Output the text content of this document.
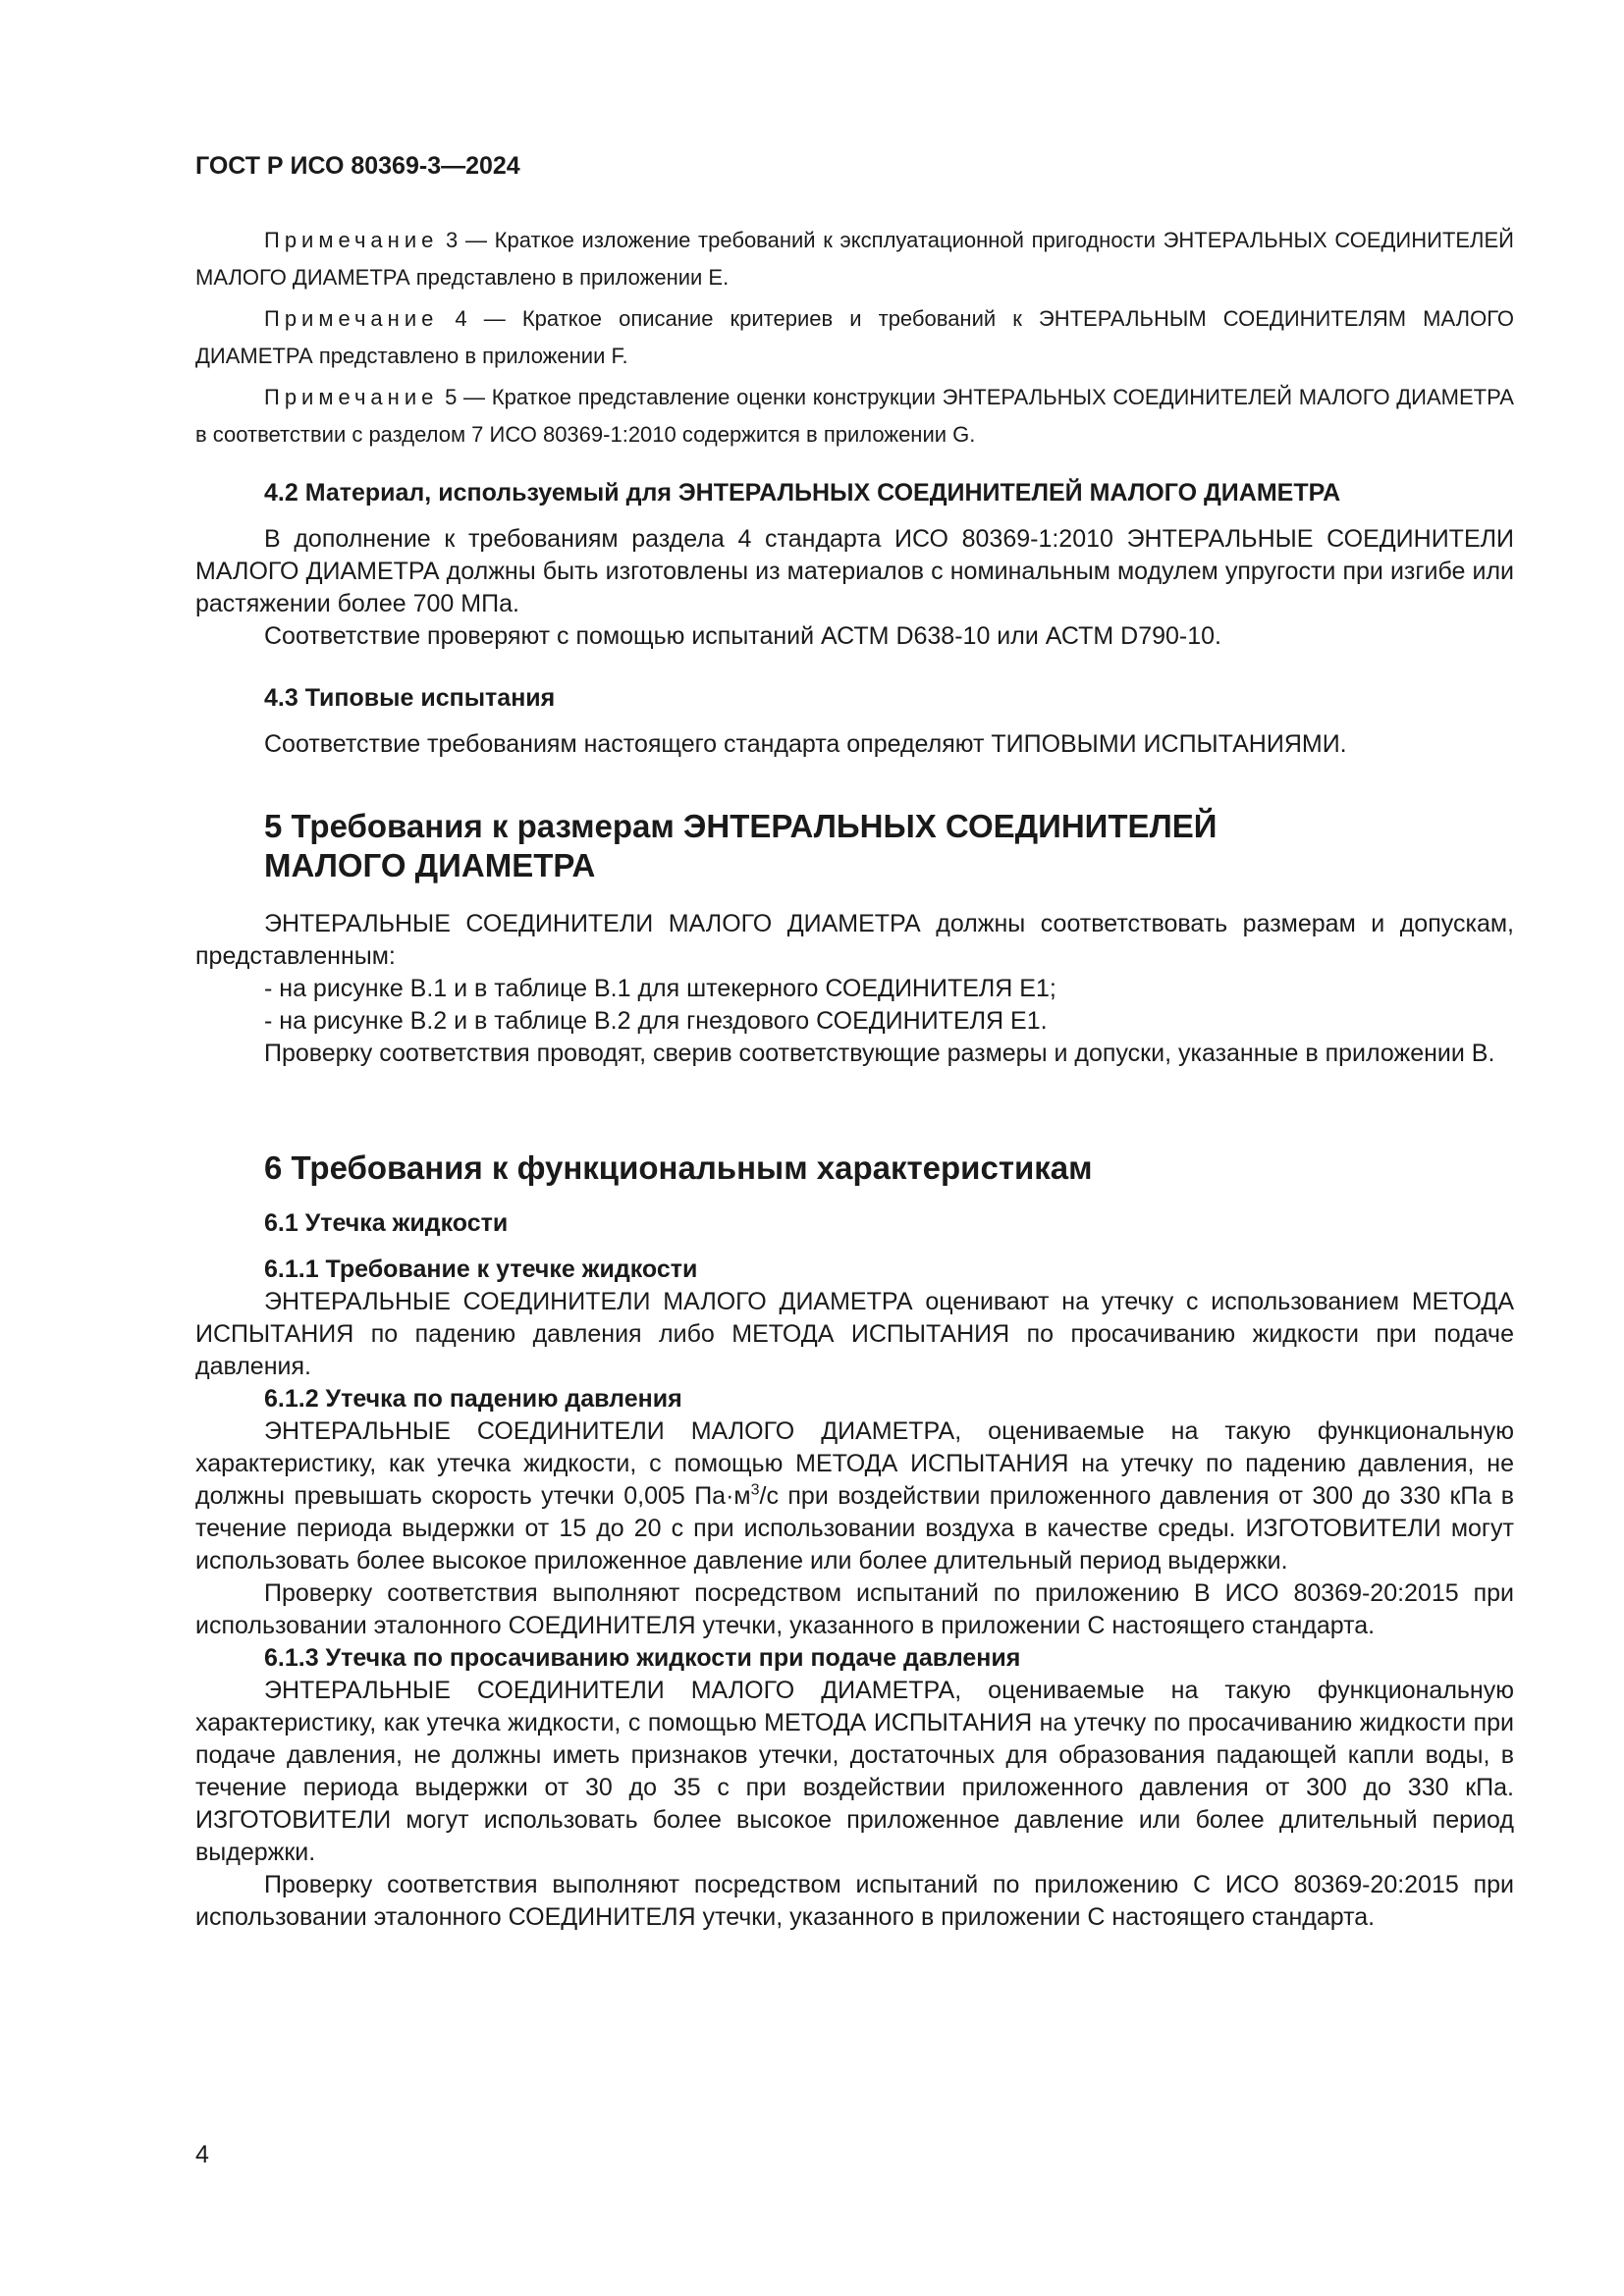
ГОСТ Р ИСО 80369-3—2024

Примечание 3 — Краткое изложение требований к эксплуатационной пригодности ЭНТЕРАЛЬНЫХ СОЕДИНИТЕЛЕЙ МАЛОГО ДИАМЕТРА представлено в приложении Е.

Примечание 4 — Краткое описание критериев и требований к ЭНТЕРАЛЬНЫМ СОЕДИНИТЕЛЯМ МАЛОГО ДИАМЕТРА представлено в приложении F.

Примечание 5 — Краткое представление оценки конструкции ЭНТЕРАЛЬНЫХ СОЕДИНИТЕЛЕЙ МАЛОГО ДИАМЕТРА в соответствии с разделом 7 ИСО 80369-1:2010 содержится в приложении G.

4.2 Материал, используемый для ЭНТЕРАЛЬНЫХ СОЕДИНИТЕЛЕЙ МАЛОГО ДИАМЕТРА

В дополнение к требованиям раздела 4 стандарта ИСО 80369-1:2010 ЭНТЕРАЛЬНЫЕ СОЕДИНИТЕЛИ МАЛОГО ДИАМЕТРА должны быть изготовлены из материалов с номинальным модулем упругости при изгибе или растяжении более 700 МПа.

Соответствие проверяют с помощью испытаний АСТМ D638-10 или АСТМ D790-10.

4.3 Типовые испытания

Соответствие требованиям настоящего стандарта определяют ТИПОВЫМИ ИСПЫТАНИЯМИ.

5 Требования к размерам ЭНТЕРАЛЬНЫХ СОЕДИНИТЕЛЕЙ
МАЛОГО ДИАМЕТРА

ЭНТЕРАЛЬНЫЕ СОЕДИНИТЕЛИ МАЛОГО ДИАМЕТРА должны соответствовать размерам и допускам, представленным:

- на рисунке В.1 и в таблице В.1 для штекерного СОЕДИНИТЕЛЯ Е1;

- на рисунке В.2 и в таблице В.2 для гнездового СОЕДИНИТЕЛЯ Е1.

Проверку соответствия проводят, сверив соответствующие размеры и допуски, указанные в приложении В.

6 Требования к функциональным характеристикам

6.1 Утечка жидкости

6.1.1 Требование к утечке жидкости

ЭНТЕРАЛЬНЫЕ СОЕДИНИТЕЛИ МАЛОГО ДИАМЕТРА оценивают на утечку с использованием МЕТОДА ИСПЫТАНИЯ по падению давления либо МЕТОДА ИСПЫТАНИЯ по просачиванию жидкости при подаче давления.

6.1.2 Утечка по падению давления

ЭНТЕРАЛЬНЫЕ СОЕДИНИТЕЛИ МАЛОГО ДИАМЕТРА, оцениваемые на такую функциональную характеристику, как утечка жидкости, с помощью МЕТОДА ИСПЫТАНИЯ на утечку по падению давления, не должны превышать скорость утечки 0,005 $Па\cdot м^3/с$ при воздействии приложенного давления от 300 до 330 кПа в течение периода выдержки от 15 до 20 с при использовании воздуха в качестве среды. ИЗГОТОВИТЕЛИ могут использовать более высокое приложенное давление или более длительный период выдержки.

Проверку соответствия выполняют посредством испытаний по приложению В ИСО 80369-20:2015 при использовании эталонного СОЕДИНИТЕЛЯ утечки, указанного в приложении С настоящего стандарта.

6.1.3 Утечка по просачиванию жидкости при подаче давления

ЭНТЕРАЛЬНЫЕ СОЕДИНИТЕЛИ МАЛОГО ДИАМЕТРА, оцениваемые на такую функциональную характеристику, как утечка жидкости, с помощью МЕТОДА ИСПЫТАНИЯ на утечку по просачиванию жидкости при подаче давления, не должны иметь признаков утечки, достаточных для образования падающей капли воды, в течение периода выдержки от 30 до 35 с при воздействии приложенного давления от 300 до 330 кПа. ИЗГОТОВИТЕЛИ могут использовать более высокое приложенное давление или более длительный период выдержки.

Проверку соответствия выполняют посредством испытаний по приложению С ИСО 80369-20:2015 при использовании эталонного СОЕДИНИТЕЛЯ утечки, указанного в приложении С настоящего стандарта.

4
